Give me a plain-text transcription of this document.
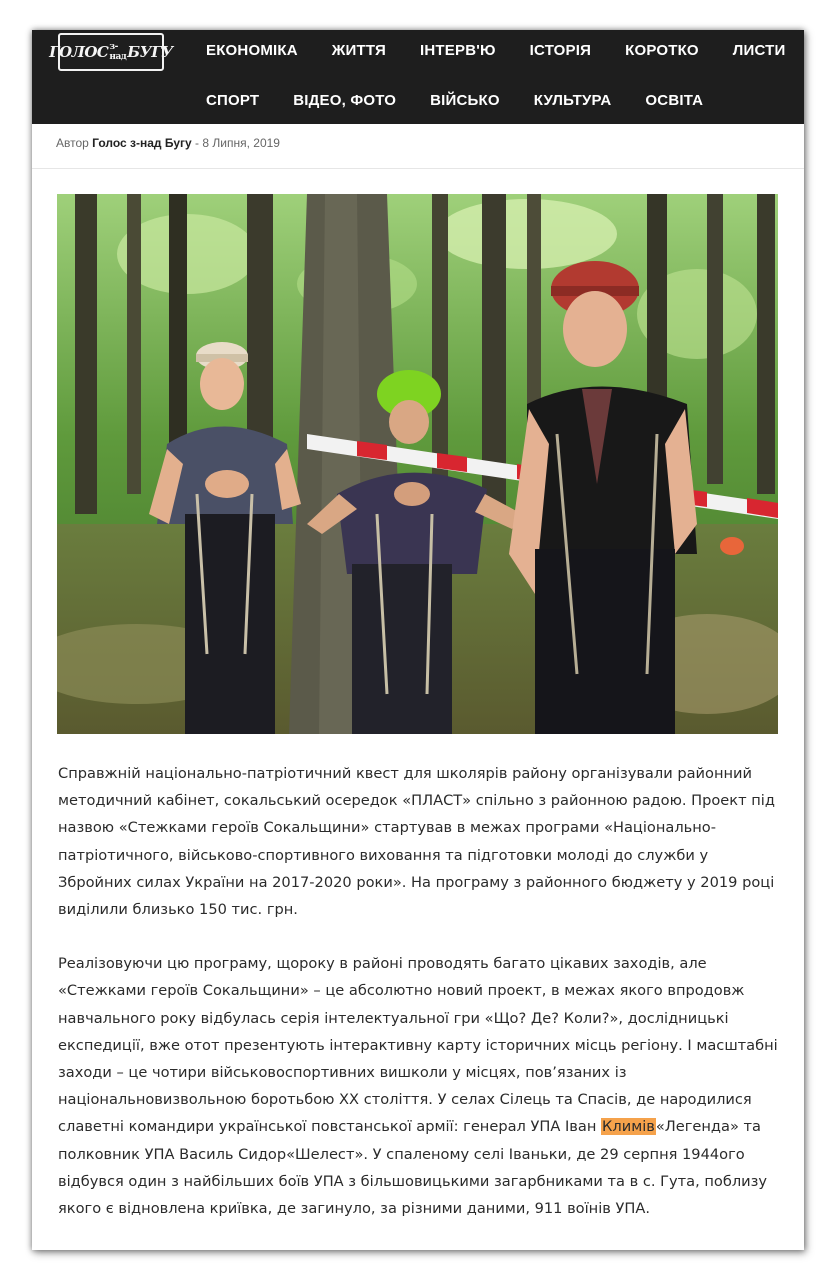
ГОЛОС з-над БУГУ ЕКОНОМІКА ЖИТТЯ ІНТЕРВ'Ю ІСТОРІЯ КОРОТКО ЛИСТИ
СПОРТ ВІДЕО, ФОТО ВІЙСЬКО КУЛЬТУРА ОСВІТА
Автор Голос з-над Бугу - 8 Липня, 2019

Справжній національно-патріотичний квест для школярів району організували районний методичний кабінет, сокальський осередок «ПЛАСТ» спільно з районною радою. Проект під назвою «Стежками героїв Сокальщини» стартував в межах програми «Національно-патріотичного, військово-спортивного виховання та підготовки молоді до служби у Збройних силах України на 2017-2020 роки». На програму з районного бюджету у 2019 році виділили близько 150 тис. грн.

Реалізовуючи цю програму, щороку в районі проводять багато цікавих заходів, але «Стежками героїв Сокальщини» – це абсолютно новий проект, в межах якого впродовж навчального року відбулась серія інтелектуальної гри «Що? Де? Коли?», дослідницькі експедиції, вже отот презентують інтерактивну карту історичних місць регіону. І масштабні заходи – це чотири військовоспортивних вишколи у місцях, пов’язаних із національновизвольною боротьбою XX століття. У селах Сілець та Спасів, де народилися славетні командири української повстанської армії: генерал УПА Іван Климів«Легенда» та полковник УПА Василь Сидор«Шелест». У спаленому селі Іваньки, де 29 серпня 1944ого відбувся один з найбільших боїв УПА з більшовицькими загарбниками та в с. Гута, поблизу якого є відновлена криївка, де загинуло, за різними даними, 911 воїнів УПА.
